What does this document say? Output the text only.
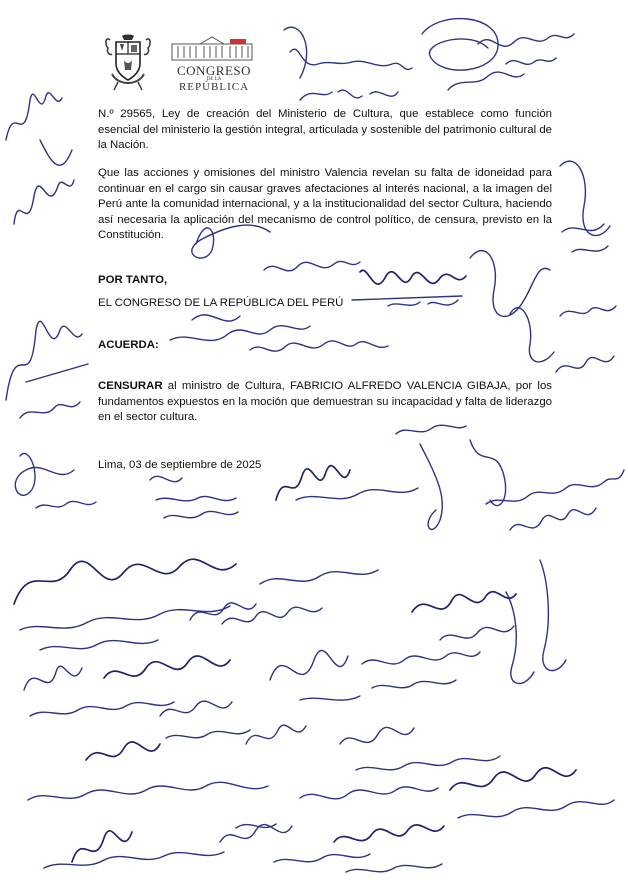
CONGRESO
DE LA
REPÚBLICA

N.º 29565, Ley de creación del Ministerio de Cultura, que establece como función esencial del ministerio la gestión integral, articulada y sostenible del patrimonio cultural de la Nación.

Que las acciones y omisiones del ministro Valencia revelan su falta de idoneidad para continuar en el cargo sin causar graves afectaciones al interés nacional, a la imagen del Perú ante la comunidad internacional, y a la institucionalidad del sector Cultura, haciendo así necesaria la aplicación del mecanismo de control político, de censura, previsto en la Constitución.

POR TANTO,

EL CONGRESO DE LA REPÚBLICA DEL PERÚ

ACUERDA:

CENSURAR al ministro de Cultura, FABRICIO ALFREDO VALENCIA GIBAJA, por los fundamentos expuestos en la moción que demuestran su incapacidad y falta de liderazgo en el sector cultura.

Lima, 03 de septiembre de 2025
